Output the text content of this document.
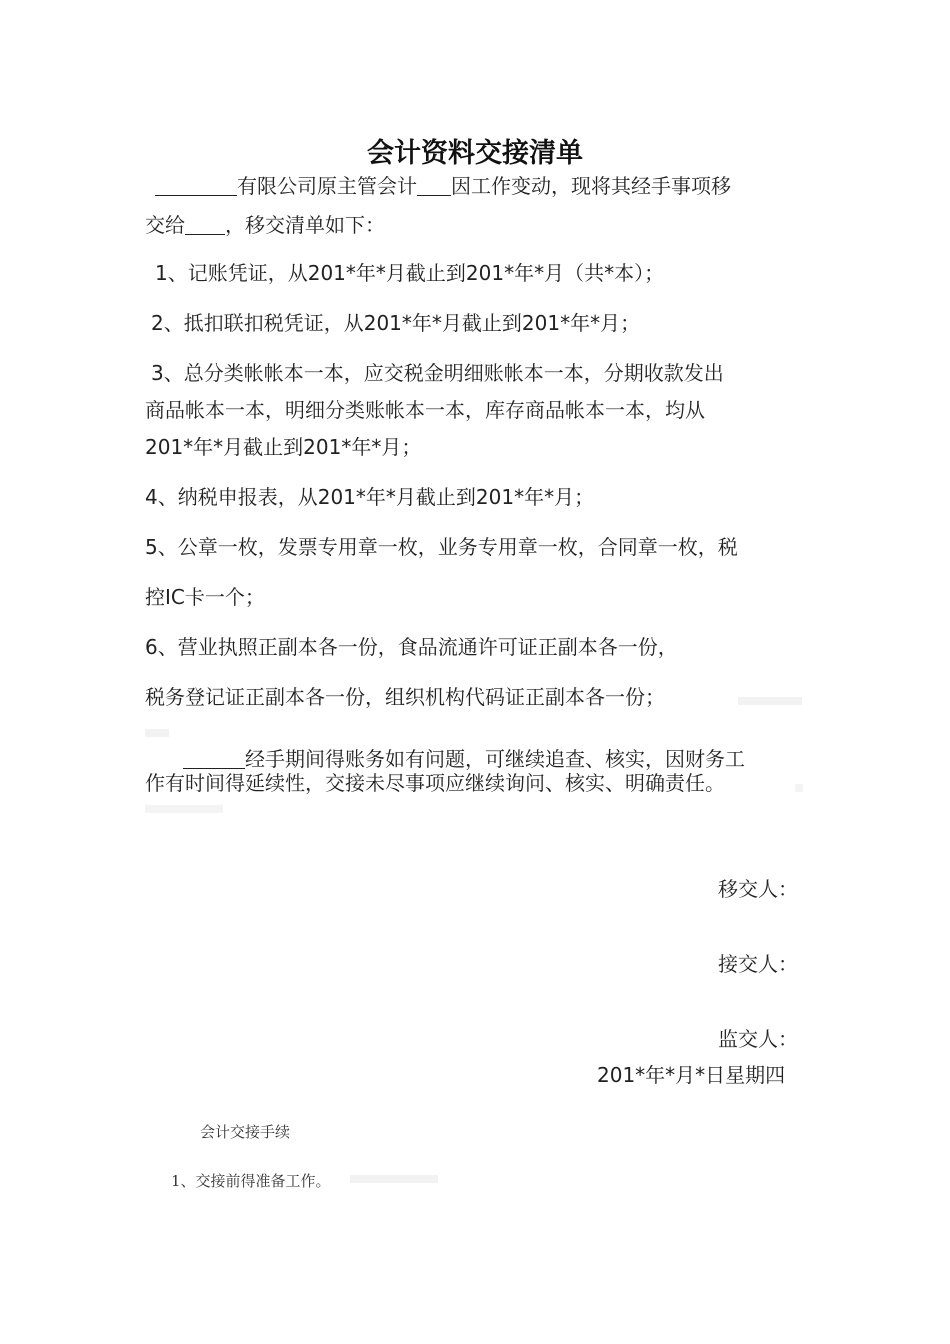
会计资料交接清单
有限公司原主管会计 因工作变动，现将其经手事项移
交给 ，移交清单如下：
1、记账凭证，从201*年*月截止到201*年*月（共*本）；
2、抵扣联扣税凭证，从201*年*月截止到201*年*月；
3、总分类帐帐本一本，应交税金明细账帐本一本，分期收款发出
商品帐本一本，明细分类账帐本一本，库存商品帐本一本，均从
201*年*月截止到201*年*月；
4、纳税申报表，从201*年*月截止到201*年*月；
5、公章一枚，发票专用章一枚，业务专用章一枚，合同章一枚，税
控IC卡一个；
6、营业执照正副本各一份，食品流通许可证正副本各一份，
税务登记证正副本各一份，组织机构代码证正副本各一份；
经手期间得账务如有问题，可继续追查、核实，因财务工
作有时间得延续性，交接未尽事项应继续询问、核实、明确责任。
移交人：
接交人：
监交人：
201*年*月*日星期四
会计交接手续
1、交接前得准备工作。
